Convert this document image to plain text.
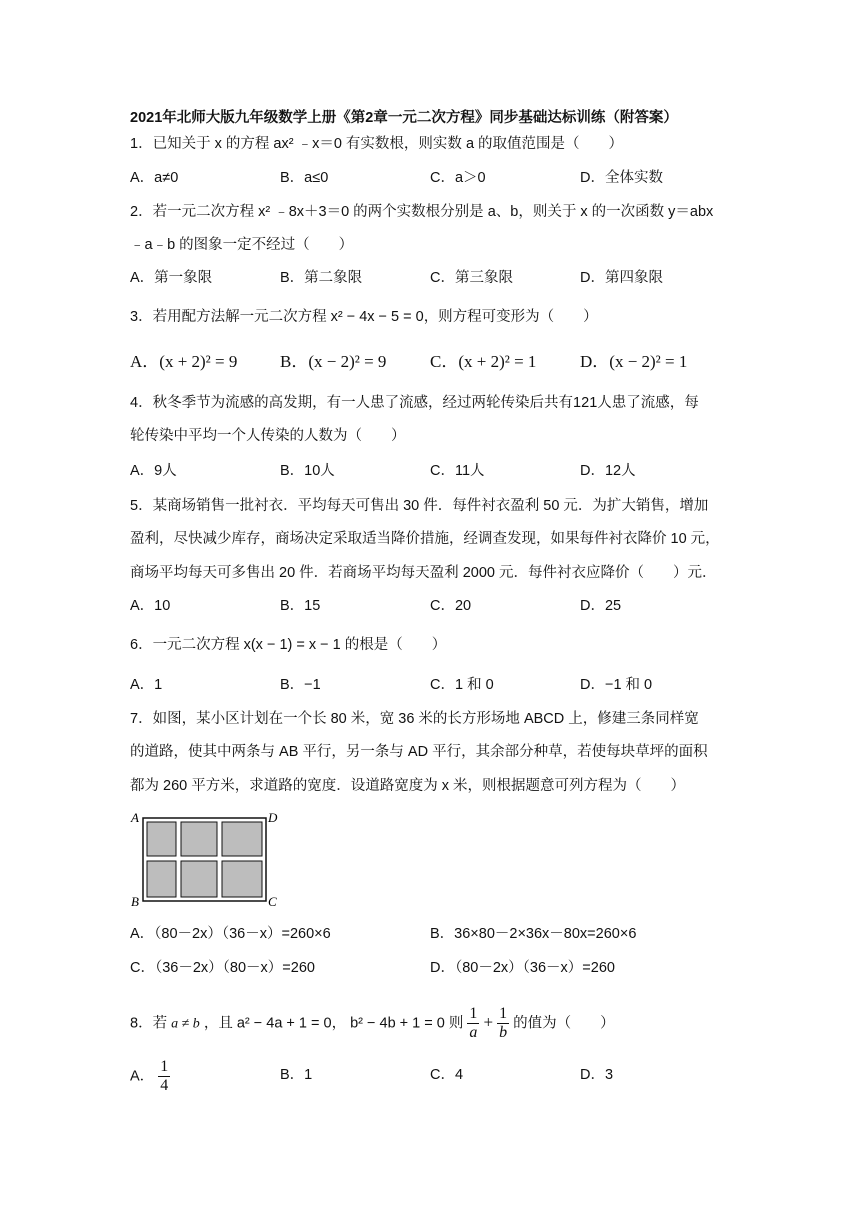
2021年北师大版九年级数学上册《第2章一元二次方程》同步基础达标训练（附答案）
1．已知关于 x 的方程 ax² ﹣x＝0 有实数根，则实数 a 的取值范围是（　　）
A．a≠0	B．a≤0	C．a＞0	D．全体实数
2．若一元二次方程 x² ﹣8x＋3＝0 的两个实数根分别是 a、b，则关于 x 的一次函数 y＝abx
﹣a﹣b 的图象一定不经过（　　）
A．第一象限	B．第二象限	C．第三象限	D．第四象限
3．若用配方法解一元二次方程 x² − 4x − 5 = 0，则方程可变形为（　　）
A．(x + 2)² = 9	B．(x − 2)² = 9	C．(x + 2)² = 1	D．(x − 2)² = 1
4．秋冬季节为流感的高发期，有一人患了流感，经过两轮传染后共有121人患了流感，每
轮传染中平均一个人传染的人数为（　　）
A．9人	B．10人	C．11人	D．12人
5．某商场销售一批衬衣．平均每天可售出 30 件．每件衬衣盈利 50 元．为扩大销售，增加
盈利，尽快减少库存，商场决定采取适当降价措施，经调查发现，如果每件衬衣降价 10 元，
商场平均每天可多售出 20 件．若商场平均每天盈利 2000 元．每件衬衣应降价（　　）元．
A．10	B．15	C．20	D．25
6．一元二次方程 x(x − 1) = x − 1 的根是（　　）
A．1	B．−1	C．1 和 0	D．−1 和 0
7．如图，某小区计划在一个长 80 米，宽 36 米的长方形场地 ABCD 上，修建三条同样宽
的道路，使其中两条与 AB 平行，另一条与 AD 平行，其余部分种草，若使每块草坪的面积
都为 260 平方米，求道路的宽度．设道路宽度为 x 米，则根据题意可列方程为（　　）
A	D
B	C
A．（80－2x）（36－x）=260×6	B．36×80－2×36x－80x=260×6
C．（36－2x）（80－x）=260	D．（80－2x）（36－x）=260
8．若 a ≠ b ，且 a² − 4a + 1 = 0， b² − 4b + 1 = 0 则 $\frac{1}{a} + \frac{1}{b}$ 的值为（　　）
A． $\frac{1}{4}$	B．1	C．4	D．3
